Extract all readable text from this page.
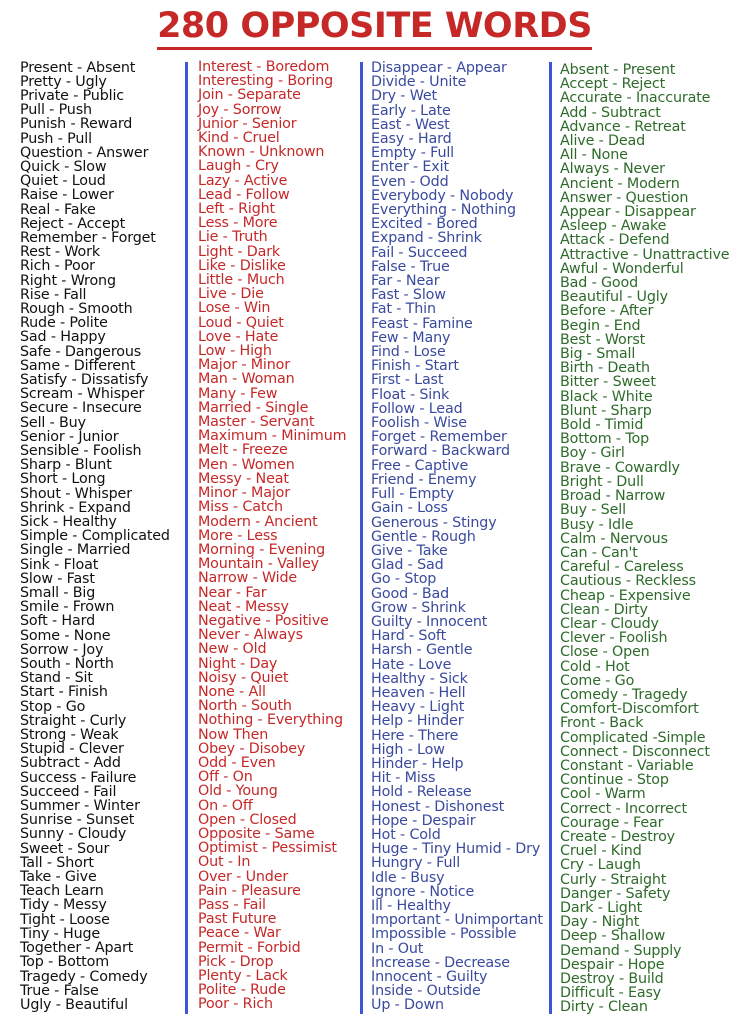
280 OPPOSITE WORDS
Present - Absent
Pretty - Ugly
Private - Public
Pull - Push
Punish - Reward
Push - Pull
Question - Answer
Quick - Slow
Quiet - Loud
Raise - Lower
Real - Fake
Reject - Accept
Remember - Forget
Rest - Work
Rich - Poor
Right - Wrong
Rise - Fall
Rough - Smooth
Rude - Polite
Sad - Happy
Safe - Dangerous
Same - Different
Satisfy - Dissatisfy
Scream - Whisper
Secure - Insecure
Sell - Buy
Senior - Junior
Sensible - Foolish
Sharp - Blunt
Short - Long
Shout - Whisper
Shrink - Expand
Sick - Healthy
Simple - Complicated
Single - Married
Sink - Float
Slow - Fast
Small - Big
Smile - Frown
Soft - Hard
Some - None
Sorrow - Joy
South - North
Stand - Sit
Start - Finish
Stop - Go
Straight - Curly
Strong - Weak
Stupid - Clever
Subtract - Add
Success - Failure
Succeed - Fail
Summer - Winter
Sunrise - Sunset
Sunny - Cloudy
Sweet - Sour
Tall - Short
Take - Give
Teach Learn
Tidy - Messy
Tight - Loose
Tiny - Huge
Together - Apart
Top - Bottom
Tragedy - Comedy
True - False
Ugly - Beautiful
Interest - Boredom
Interesting - Boring
Join - Separate
Joy - Sorrow
Junior - Senior
Kind - Cruel
Known - Unknown
Laugh - Cry
Lazy - Active
Lead - Follow
Left - Right
Less - More
Lie - Truth
Light - Dark
Like - Dislike
Little - Much
Live - Die
Lose - Win
Loud - Quiet
Love - Hate
Low - High
Major - Minor
Man - Woman
Many - Few
Married - Single
Master - Servant
Maximum - Minimum
Melt - Freeze
Men - Women
Messy - Neat
Minor - Major
Miss - Catch
Modern - Ancient
More - Less
Morning - Evening
Mountain - Valley
Narrow - Wide
Near - Far
Neat - Messy
Negative - Positive
Never - Always
New - Old
Night - Day
Noisy - Quiet
None - All
North - South
Nothing - Everything
Now Then
Obey - Disobey
Odd - Even
Off - On
Old - Young
On - Off
Open - Closed
Opposite - Same
Optimist - Pessimist
Out - In
Over - Under
Pain - Pleasure
Pass - Fail
Past Future
Peace - War
Permit - Forbid
Pick - Drop
Plenty - Lack
Polite - Rude
Poor - Rich
Disappear - Appear
Divide - Unite
Dry - Wet
Early - Late
East - West
Easy - Hard
Empty - Full
Enter - Exit
Even - Odd
Everybody - Nobody
Everything - Nothing
Excited - Bored
Expand - Shrink
Fail - Succeed
False - True
Far - Near
Fast - Slow
Fat - Thin
Feast - Famine
Few - Many
Find - Lose
Finish - Start
First - Last
Float - Sink
Follow - Lead
Foolish - Wise
Forget - Remember
Forward - Backward
Free - Captive
Friend - Enemy
Full - Empty
Gain - Loss
Generous - Stingy
Gentle - Rough
Give - Take
Glad - Sad
Go - Stop
Good - Bad
Grow - Shrink
Guilty - Innocent
Hard - Soft
Harsh - Gentle
Hate - Love
Healthy - Sick
Heaven - Hell
Heavy - Light
Help - Hinder
Here - There
High - Low
Hinder - Help
Hit - Miss
Hold - Release
Honest - Dishonest
Hope - Despair
Hot - Cold
Huge - Tiny Humid - Dry
Hungry - Full
Idle - Busy
Ignore - Notice
Ill - Healthy
Important - Unimportant
Impossible - Possible
In - Out
Increase - Decrease
Innocent - Guilty
Inside - Outside
Up - Down
Absent - Present
Accept - Reject
Accurate - Inaccurate
Add - Subtract
Advance - Retreat
Alive - Dead
All - None
Always - Never
Ancient - Modern
Answer - Question
Appear - Disappear
Asleep - Awake
Attack - Defend
Attractive - Unattractive
Awful - Wonderful
Bad - Good
Beautiful - Ugly
Before - After
Begin - End
Best - Worst
Big - Small
Birth - Death
Bitter - Sweet
Black - White
Blunt - Sharp
Bold - Timid
Bottom - Top
Boy - Girl
Brave - Cowardly
Bright - Dull
Broad - Narrow
Buy - Sell
Busy - Idle
Calm - Nervous
Can - Can't
Careful - Careless
Cautious - Reckless
Cheap - Expensive
Clean - Dirty
Clear - Cloudy
Clever - Foolish
Close - Open
Cold - Hot
Come - Go
Comedy - Tragedy
Comfort-Discomfort
Front - Back
Complicated -Simple
Connect - Disconnect
Constant - Variable
Continue - Stop
Cool - Warm
Correct - Incorrect
Courage - Fear
Create - Destroy
Cruel - Kind
Cry - Laugh
Curly - Straight
Danger - Safety
Dark - Light
Day - Night
Deep - Shallow
Demand - Supply
Despair - Hope
Destroy - Build
Difficult - Easy
Dirty - Clean
